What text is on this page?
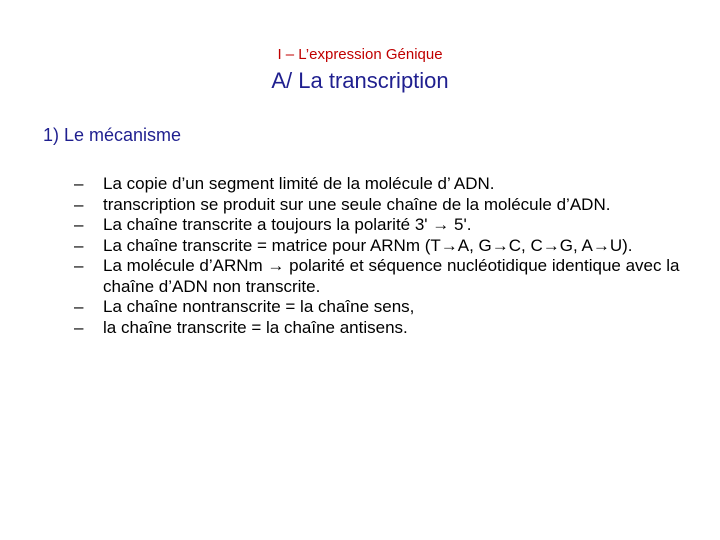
I – L’expression Génique
A/ La transcription
1) Le mécanisme
– La copie d’un segment limité de la molécule d’ ADN.
– transcription se produit sur une seule chaîne de la molécule d’ADN.
– La chaîne transcrite a toujours la polarité 3' → 5'.
– La chaîne transcrite = matrice pour ARNm (T→A, G→C, C→G, A→U).
– La molécule d’ARNm → polarité et séquence nucléotidique identique avec la chaîne d’ADN non transcrite.
– La chaîne nontranscrite = la chaîne sens,
– la chaîne transcrite = la chaîne antisens.
